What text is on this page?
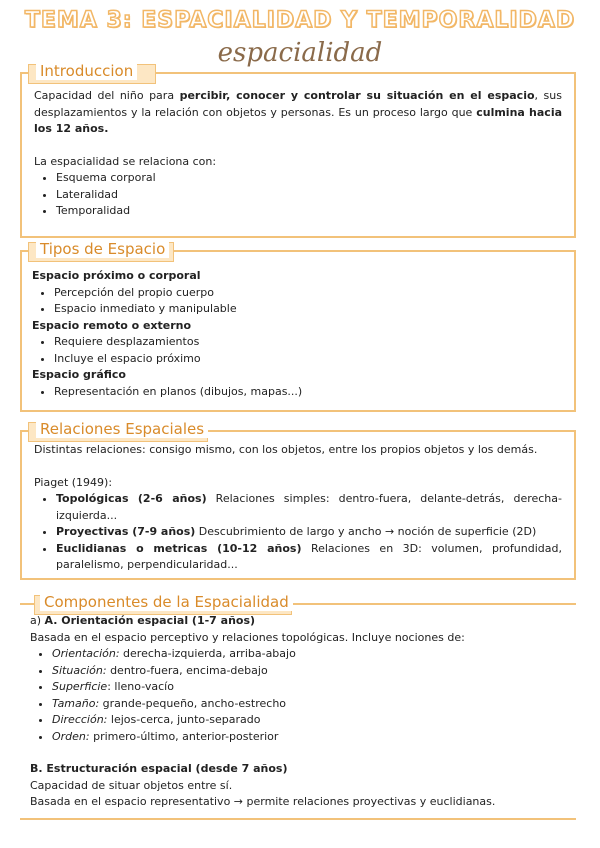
TEMA 3: ESPACIALIDAD Y TEMPORALIDAD
espacialidad
Introduccion

Capacidad del niño para percibir, conocer y controlar su situación en el espacio, sus desplazamientos y la relación con objetos y personas. Es un proceso largo que culmina hacia los 12 años.

La espacialidad se relaciona con:

• Esquema corporal
• Lateralidad
• Temporalidad
Tipos de Espacio

Espacio próximo o corporal

• Percepción del propio cuerpo
• Espacio inmediato y manipulable

Espacio remoto o externo

• Requiere desplazamientos
• Incluye el espacio próximo

Espacio gráfico

• Representación en planos (dibujos, mapas...)
Relaciones Espaciales

Distintas relaciones: consigo mismo, con los objetos, entre los propios objetos y los demás.

Piaget (1949):

• Topológicas (2-6 años) Relaciones simples: dentro-fuera, delante-detrás, derecha-izquierda...
• Proyectivas (7-9 años) Descubrimiento de largo y ancho → noción de superficie (2D)
• Euclidianas o metricas (10-12 años) Relaciones en 3D: volumen, profundidad, paralelismo, perpendicularidad...
Componentes de la Espacialidad

a) A. Orientación espacial (1-7 años)

Basada en el espacio perceptivo y relaciones topológicas. Incluye nociones de:

• Orientación: derecha-izquierda, arriba-abajo
• Situación: dentro-fuera, encima-debajo
• Superficie: lleno-vacío
• Tamaño: grande-pequeño, ancho-estrecho
• Dirección: lejos-cerca, junto-separado
• Orden: primero-último, anterior-posterior

B. Estructuración espacial (desde 7 años)

Capacidad de situar objetos entre sí.

Basada en el espacio representativo → permite relaciones proyectivas y euclidianas.
